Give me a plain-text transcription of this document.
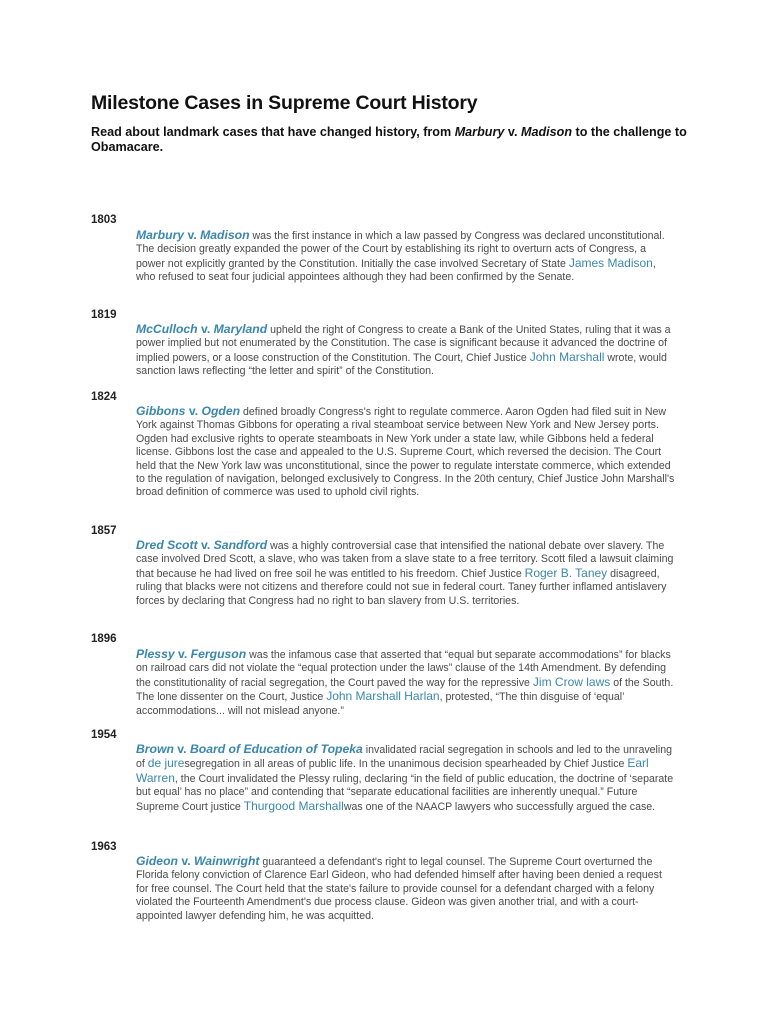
Milestone Cases in Supreme Court History

Read about landmark cases that have changed history, from Marbury v. Madison to the challenge to Obamacare.

1803

Marbury v. Madison was the first instance in which a law passed by Congress was declared unconstitutional. The decision greatly expanded the power of the Court by establishing its right to overturn acts of Congress, a power not explicitly granted by the Constitution. Initially the case involved Secretary of State James Madison, who refused to seat four judicial appointees although they had been confirmed by the Senate.

1819

McCulloch v. Maryland upheld the right of Congress to create a Bank of the United States, ruling that it was a power implied but not enumerated by the Constitution. The case is significant because it advanced the doctrine of implied powers, or a loose construction of the Constitution. The Court, Chief Justice John Marshall wrote, would sanction laws reflecting “the letter and spirit” of the Constitution.

1824

Gibbons v. Ogden defined broadly Congress's right to regulate commerce. Aaron Ogden had filed suit in New York against Thomas Gibbons for operating a rival steamboat service between New York and New Jersey ports. Ogden had exclusive rights to operate steamboats in New York under a state law, while Gibbons held a federal license. Gibbons lost the case and appealed to the U.S. Supreme Court, which reversed the decision. The Court held that the New York law was unconstitutional, since the power to regulate interstate commerce, which extended to the regulation of navigation, belonged exclusively to Congress. In the 20th century, Chief Justice John Marshall's broad definition of commerce was used to uphold civil rights.

1857

Dred Scott v. Sandford was a highly controversial case that intensified the national debate over slavery. The case involved Dred Scott, a slave, who was taken from a slave state to a free territory. Scott filed a lawsuit claiming that because he had lived on free soil he was entitled to his freedom. Chief Justice Roger B. Taney disagreed, ruling that blacks were not citizens and therefore could not sue in federal court. Taney further inflamed antislavery forces by declaring that Congress had no right to ban slavery from U.S. territories.

1896

Plessy v. Ferguson was the infamous case that asserted that “equal but separate accommodations” for blacks on railroad cars did not violate the “equal protection under the laws” clause of the 14th Amendment. By defending the constitutionality of racial segregation, the Court paved the way for the repressive Jim Crow laws of the South. The lone dissenter on the Court, Justice John Marshall Harlan, protested, “The thin disguise of ‘equal’ accommodations... will not mislead anyone.”

1954

Brown v. Board of Education of Topeka invalidated racial segregation in schools and led to the unraveling of de juresegregation in all areas of public life. In the unanimous decision spearheaded by Chief Justice Earl Warren, the Court invalidated the Plessy ruling, declaring “in the field of public education, the doctrine of ‘separate but equal’ has no place” and contending that “separate educational facilities are inherently unequal.” Future Supreme Court justice Thurgood Marshallwas one of the NAACP lawyers who successfully argued the case.

1963

Gideon v. Wainwright guaranteed a defendant's right to legal counsel. The Supreme Court overturned the Florida felony conviction of Clarence Earl Gideon, who had defended himself after having been denied a request for free counsel. The Court held that the state's failure to provide counsel for a defendant charged with a felony violated the Fourteenth Amendment's due process clause. Gideon was given another trial, and with a court-appointed lawyer defending him, he was acquitted.
